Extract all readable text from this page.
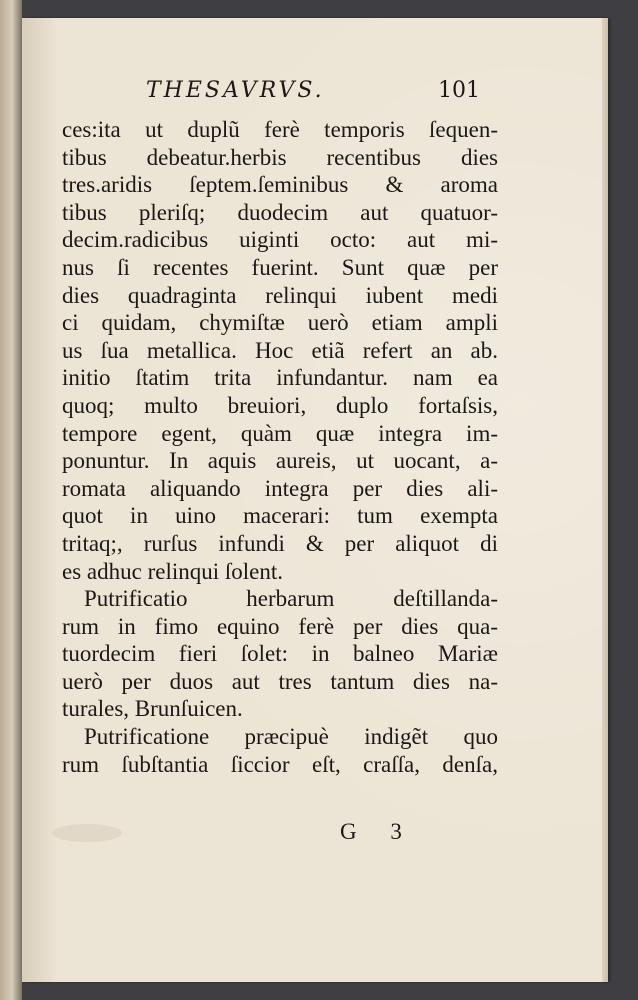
THESAVRVS.	101
ces:ita ut duplũ ferè temporis ſequen-
tibus debeatur.herbis recentibus dies
tres.aridis ſeptem.ſeminibus & aroma
tibus pleriſq; duodecim aut quatuor-
decim.radicibus uiginti octo: aut mi-
nus ſi recentes fuerint. Sunt quæ per
dies quadraginta relinqui iubent medi
ci quidam, chymiſtæ uerò etiam ampli
us ſua metallica. Hoc etiã refert an ab.
initio ſtatim trita infundantur. nam ea
quoq; multo breuiori, duplo fortaſsis,
tempore egent, quàm quæ integra im-
ponuntur. In aquis aureis, ut uocant, a-
romata aliquando integra per dies ali-
quot in uino macerari: tum exempta
tritaq;, rurſus infundi & per aliquot di
es adhuc relinqui ſolent.
Putrificatio herbarum deſtillanda-
rum in fimo equino ferè per dies qua-
tuordecim fieri ſolet: in balneo Mariæ
uerò per duos aut tres tantum dies na-
turales, Brunſuicen.
Putrificatione præcipuè indigẽt quo
rum ſubſtantia ſiccior eſt, craſſa, denſa,
G 3
